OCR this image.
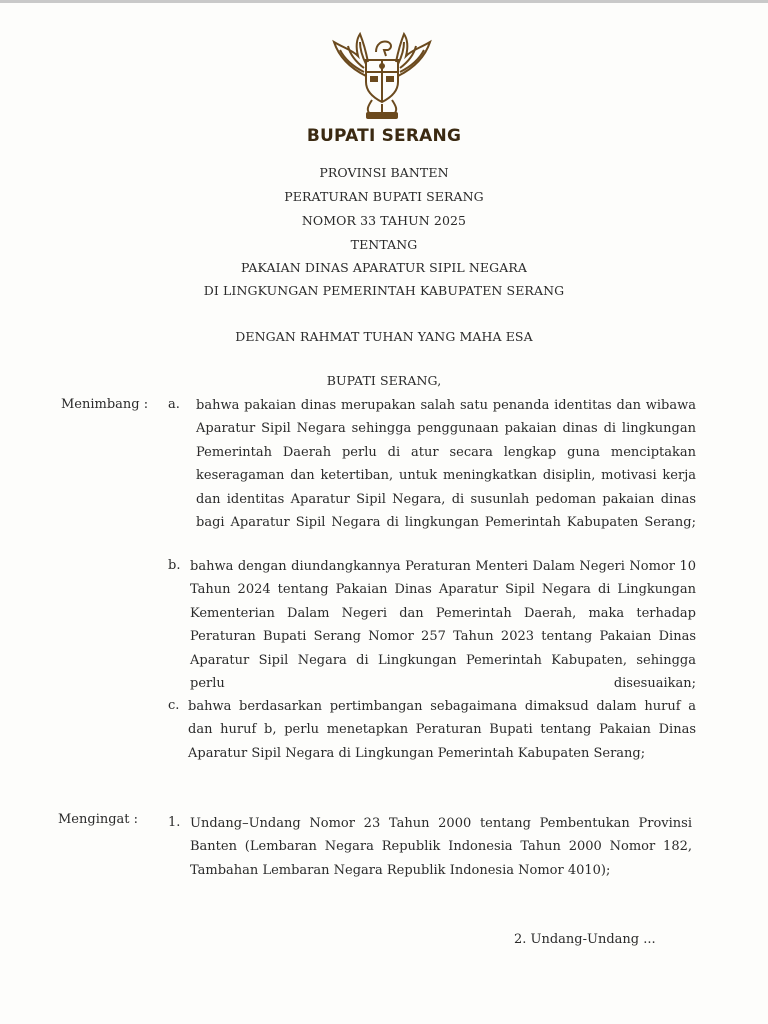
BUPATI SERANG
PROVINSI BANTEN
PERATURAN BUPATI SERANG
NOMOR 33 TAHUN 2025
TENTANG
PAKAIAN DINAS APARATUR SIPIL NEGARA
DI LINGKUNGAN PEMERINTAH KABUPATEN SERANG
DENGAN RAHMAT TUHAN YANG MAHA ESA
BUPATI SERANG,
Menimbang : a. bahwa pakaian dinas merupakan salah satu penanda identitas dan wibawa Aparatur Sipil Negara sehingga penggunaan pakaian dinas di lingkungan Pemerintah Daerah perlu di atur secara lengkap guna menciptakan keseragaman dan ketertiban, untuk meningkatkan disiplin, motivasi kerja dan identitas Aparatur Sipil Negara, di susunlah pedoman pakaian dinas bagi Aparatur Sipil Negara di lingkungan Pemerintah Kabupaten Serang;
b. bahwa dengan diundangkannya Peraturan Menteri Dalam Negeri Nomor 10 Tahun 2024 tentang Pakaian Dinas Aparatur Sipil Negara di Lingkungan Kementerian Dalam Negeri dan Pemerintah Daerah, maka terhadap Peraturan Bupati Serang Nomor 257 Tahun 2023 tentang Pakaian Dinas Aparatur Sipil Negara di Lingkungan Pemerintah Kabupaten, sehingga perlu disesuaikan;
c. bahwa berdasarkan pertimbangan sebagaimana dimaksud dalam huruf a dan huruf b, perlu menetapkan Peraturan Bupati tentang Pakaian Dinas Aparatur Sipil Negara di Lingkungan Pemerintah Kabupaten Serang;
Mengingat : 1. Undang–Undang Nomor 23 Tahun 2000 tentang Pembentukan Provinsi Banten (Lembaran Negara Republik Indonesia Tahun 2000 Nomor 182, Tambahan Lembaran Negara Republik Indonesia Nomor 4010);
2. Undang-Undang ...
